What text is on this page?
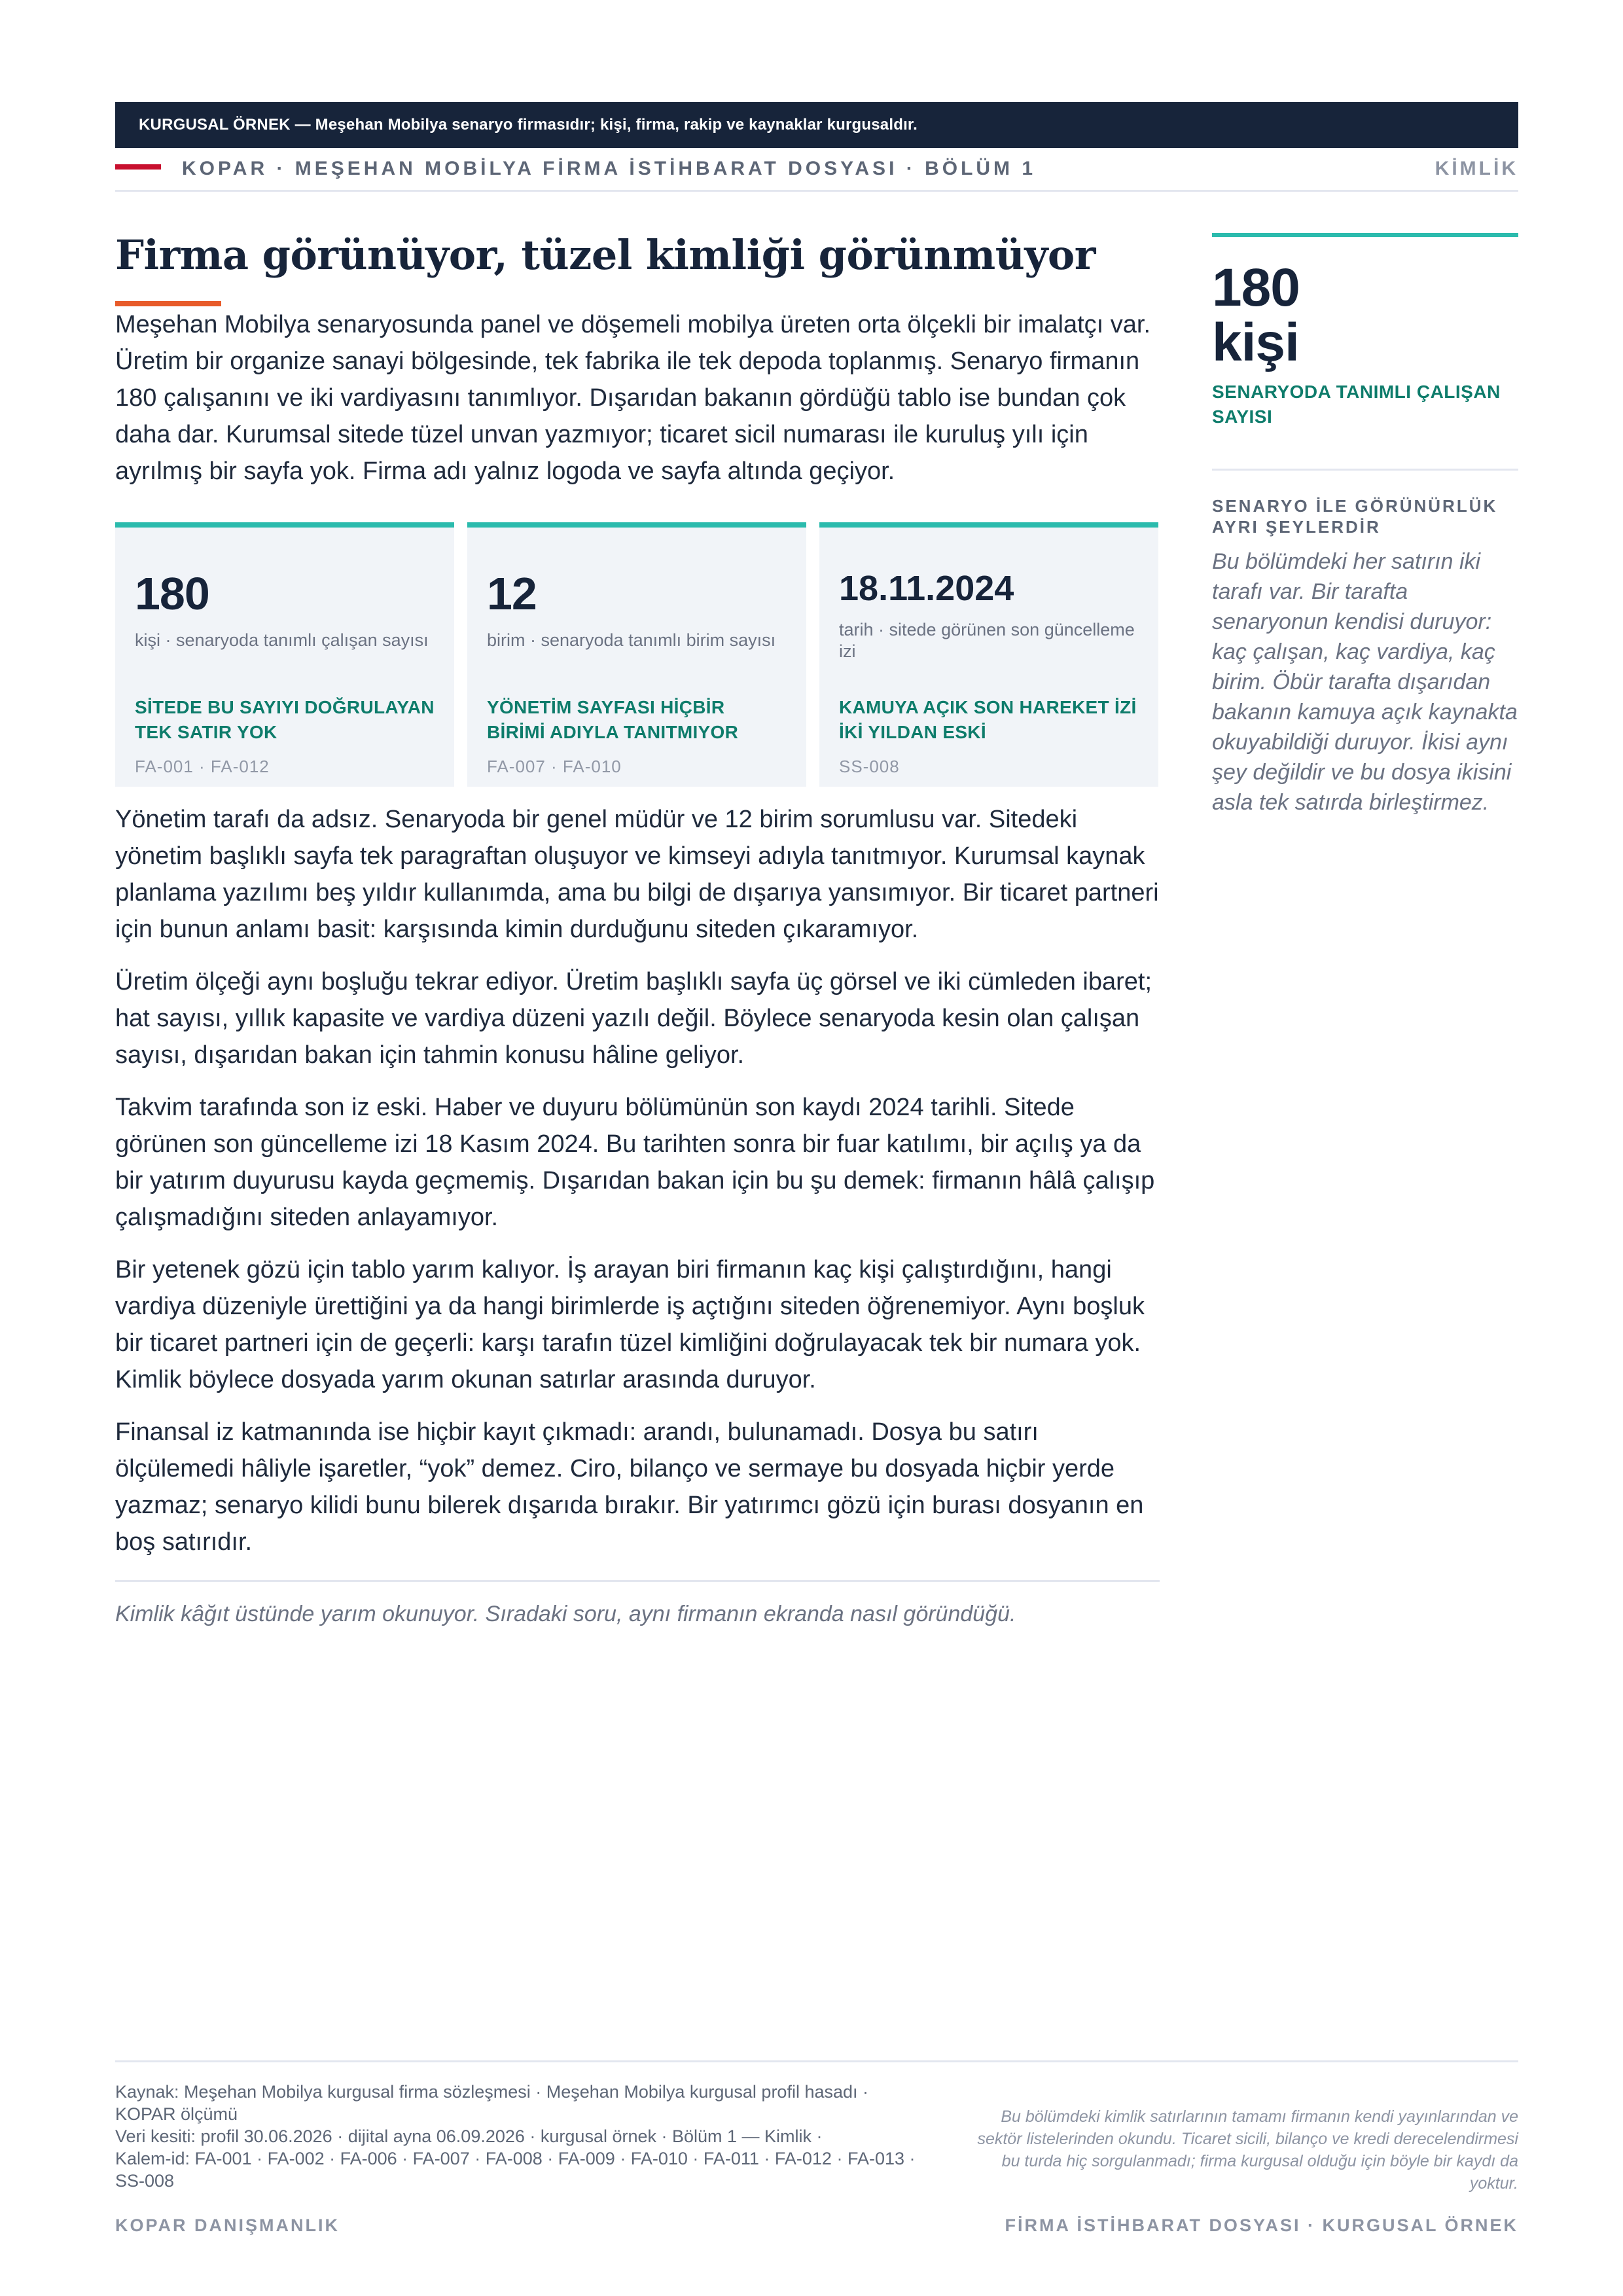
KURGUSAL ÖRNEK — Meşehan Mobilya senaryo firmasıdır; kişi, firma, rakip ve kaynaklar kurgusaldır.
KOPAR · MEŞEHAN MOBİLYA FİRMA İSTİHBARAT DOSYASI · BÖLÜM 1	KİMLİK
Firma görünüyor, tüzel kimliği görünmüyor

Meşehan Mobilya senaryosunda panel ve döşemeli mobilya üreten orta ölçekli bir imalatçı var. Üretim bir organize sanayi bölgesinde, tek fabrika ile tek depoda toplanmış. Senaryo firmanın 180 çalışanını ve iki vardiyasını tanımlıyor. Dışarıdan bakanın gördüğü tablo ise bundan çok daha dar. Kurumsal sitede tüzel unvan yazmıyor; ticaret sicil numarası ile kuruluş yılı için ayrılmış bir sayfa yok. Firma adı yalnız logoda ve sayfa altında geçiyor.

180
kişi · senaryoda tanımlı çalışan sayısı
SİTEDE BU SAYIYI DOĞRULAYAN TEK SATIR YOK
FA-001 · FA-012
12
birim · senaryoda tanımlı birim sayısı
YÖNETİM SAYFASI HİÇBİR BİRİMİ ADIYLA TANITMIYOR
FA-007 · FA-010
18.11.2024
tarih · sitede görünen son güncelleme izi
KAMUYA AÇIK SON HAREKET İZİ İKİ YILDAN ESKİ
SS-008

Yönetim tarafı da adsız. Senaryoda bir genel müdür ve 12 birim sorumlusu var. Sitedeki yönetim başlıklı sayfa tek paragraftan oluşuyor ve kimseyi adıyla tanıtmıyor. Kurumsal kaynak planlama yazılımı beş yıldır kullanımda, ama bu bilgi de dışarıya yansımıyor. Bir ticaret partneri için bunun anlamı basit: karşısında kimin durduğunu siteden çıkaramıyor.

Üretim ölçeği aynı boşluğu tekrar ediyor. Üretim başlıklı sayfa üç görsel ve iki cümleden ibaret; hat sayısı, yıllık kapasite ve vardiya düzeni yazılı değil. Böylece senaryoda kesin olan çalışan sayısı, dışarıdan bakan için tahmin konusu hâline geliyor.

Takvim tarafında son iz eski. Haber ve duyuru bölümünün son kaydı 2024 tarihli. Sitede görünen son güncelleme izi 18 Kasım 2024. Bu tarihten sonra bir fuar katılımı, bir açılış ya da bir yatırım duyurusu kayda geçmemiş. Dışarıdan bakan için bu şu demek: firmanın hâlâ çalışıp çalışmadığını siteden anlayamıyor.

Bir yetenek gözü için tablo yarım kalıyor. İş arayan biri firmanın kaç kişi çalıştırdığını, hangi vardiya düzeniyle ürettiğini ya da hangi birimlerde iş açtığını siteden öğrenemiyor. Aynı boşluk bir ticaret partneri için de geçerli: karşı tarafın tüzel kimliğini doğrulayacak tek bir numara yok. Kimlik böylece dosyada yarım okunan satırlar arasında duruyor.

Finansal iz katmanında ise hiçbir kayıt çıkmadı: arandı, bulunamadı. Dosya bu satırı ölçülemedi hâliyle işaretler, “yok” demez. Ciro, bilanço ve sermaye bu dosyada hiçbir yerde yazmaz; senaryo kilidi bunu bilerek dışarıda bırakır. Bir yatırımcı gözü için burası dosyanın en boş satırıdır.

Kimlik kâğıt üstünde yarım okunuyor. Sıradaki soru, aynı firmanın ekranda nasıl göründüğü.
180
kişi
SENARYODA TANIMLI ÇALIŞAN SAYISI
SENARYO İLE GÖRÜNÜRLÜK AYRI ŞEYLERDİR
Bu bölümdeki her satırın iki tarafı var. Bir tarafta senaryonun kendisi duruyor: kaç çalışan, kaç vardiya, kaç birim. Öbür tarafta dışarıdan bakanın kamuya açık kaynakta okuyabildiği duruyor. İkisi aynı şey değildir ve bu dosya ikisini asla tek satırda birleştirmez.
Kaynak: Meşehan Mobilya kurgusal firma sözleşmesi · Meşehan Mobilya kurgusal profil hasadı · KOPAR ölçümü
Veri kesiti: profil 30.06.2026 · dijital ayna 06.09.2026 · kurgusal örnek · Bölüm 1 — Kimlik ·
Kalem-id: FA-001 · FA-002 · FA-006 · FA-007 · FA-008 · FA-009 · FA-010 · FA-011 · FA-012 · FA-013 · SS-008
Bu bölümdeki kimlik satırlarının tamamı firmanın kendi yayınlarından ve sektör listelerinden okundu. Ticaret sicili, bilanço ve kredi derecelendirmesi bu turda hiç sorgulanmadı; firma kurgusal olduğu için böyle bir kaydı da yoktur.
KOPAR DANIŞMANLIK	FİRMA İSTİHBARAT DOSYASI · KURGUSAL ÖRNEK
